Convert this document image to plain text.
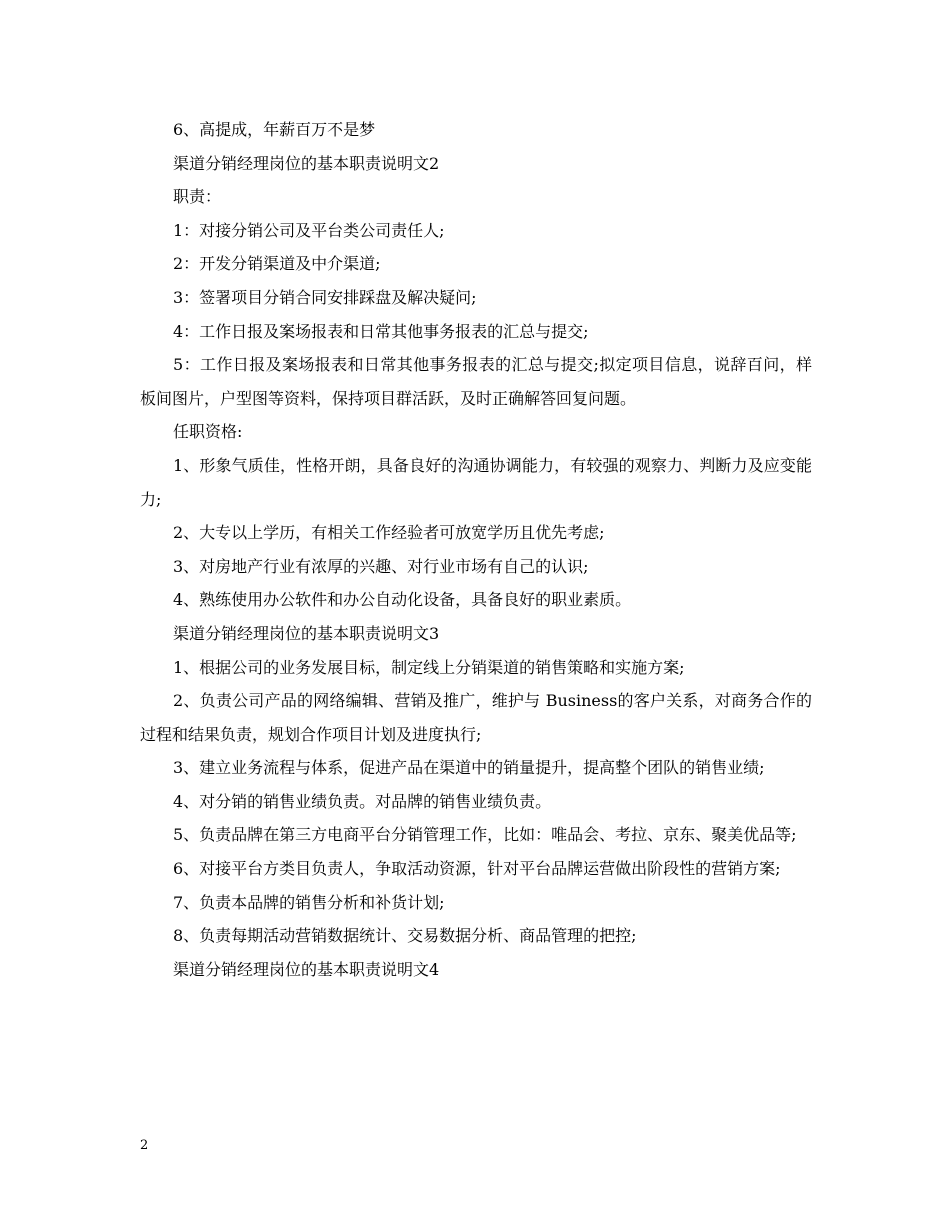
6、高提成，年薪百万不是梦

渠道分销经理岗位的基本职责说明文2

职责：

1：对接分销公司及平台类公司责任人;

2：开发分销渠道及中介渠道;

3：签署项目分销合同安排踩盘及解决疑问;

4：工作日报及案场报表和日常其他事务报表的汇总与提交;

5：工作日报及案场报表和日常其他事务报表的汇总与提交;拟定项目信息，说辞百问，样板间图片，户型图等资料，保持项目群活跃，及时正确解答回复问题。

任职资格:

1、形象气质佳，性格开朗，具备良好的沟通协调能力，有较强的观察力、判断力及应变能力;

2、大专以上学历，有相关工作经验者可放宽学历且优先考虑;

3、对房地产行业有浓厚的兴趣、对行业市场有自己的认识;

4、熟练使用办公软件和办公自动化设备，具备良好的职业素质。

渠道分销经理岗位的基本职责说明文3

1、根据公司的业务发展目标，制定线上分销渠道的销售策略和实施方案;

2、负责公司产品的网络编辑、营销及推广，维护与 Business的客户关系，对商务合作的过程和结果负责，规划合作项目计划及进度执行;

3、建立业务流程与体系，促进产品在渠道中的销量提升，提高整个团队的销售业绩;

4、对分销的销售业绩负责。对品牌的销售业绩负责。

5、负责品牌在第三方电商平台分销管理工作，比如：唯品会、考拉、京东、聚美优品等;

6、对接平台方类目负责人，争取活动资源，针对平台品牌运营做出阶段性的营销方案;

7、负责本品牌的销售分析和补货计划;

8、负责每期活动营销数据统计、交易数据分析、商品管理的把控;

渠道分销经理岗位的基本职责说明文4

2
